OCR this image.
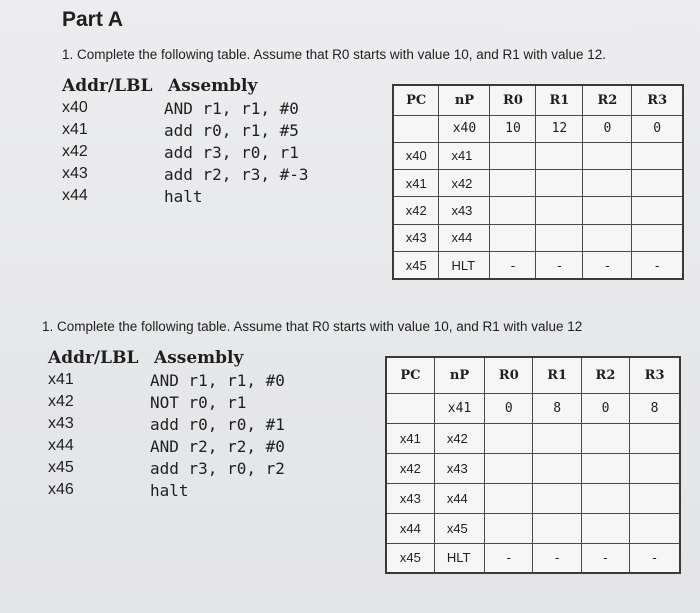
Part A
1. Complete the following table. Assume that R0 starts with value 10, and R1 with value 12.
Addr/LBL Assembly
x40	AND r1, r1, #0
x41	add r0, r1, #5
x42	add r3, r0, r1
x43	add r2, r3, #-3
x44	halt
PC	nP	R0	R1	R2	R3
	x40	10	12	0	0
x40	x41				
x41	x42				
x42	x43				
x43	x44				
x45	HLT	-	-	-	-
1. Complete the following table. Assume that R0 starts with value 10, and R1 with value 12
Addr/LBL Assembly
x41	AND r1, r1, #0
x42	NOT r0, r1
x43	add r0, r0, #1
x44	AND r2, r2, #0
x45	add r3, r0, r2
x46	halt
PC	nP	R0	R1	R2	R3
	x41	0	8	0	8
x41	x42				
x42	x43				
x43	x44				
x44	x45				
x45	HLT	-	-	-	-
